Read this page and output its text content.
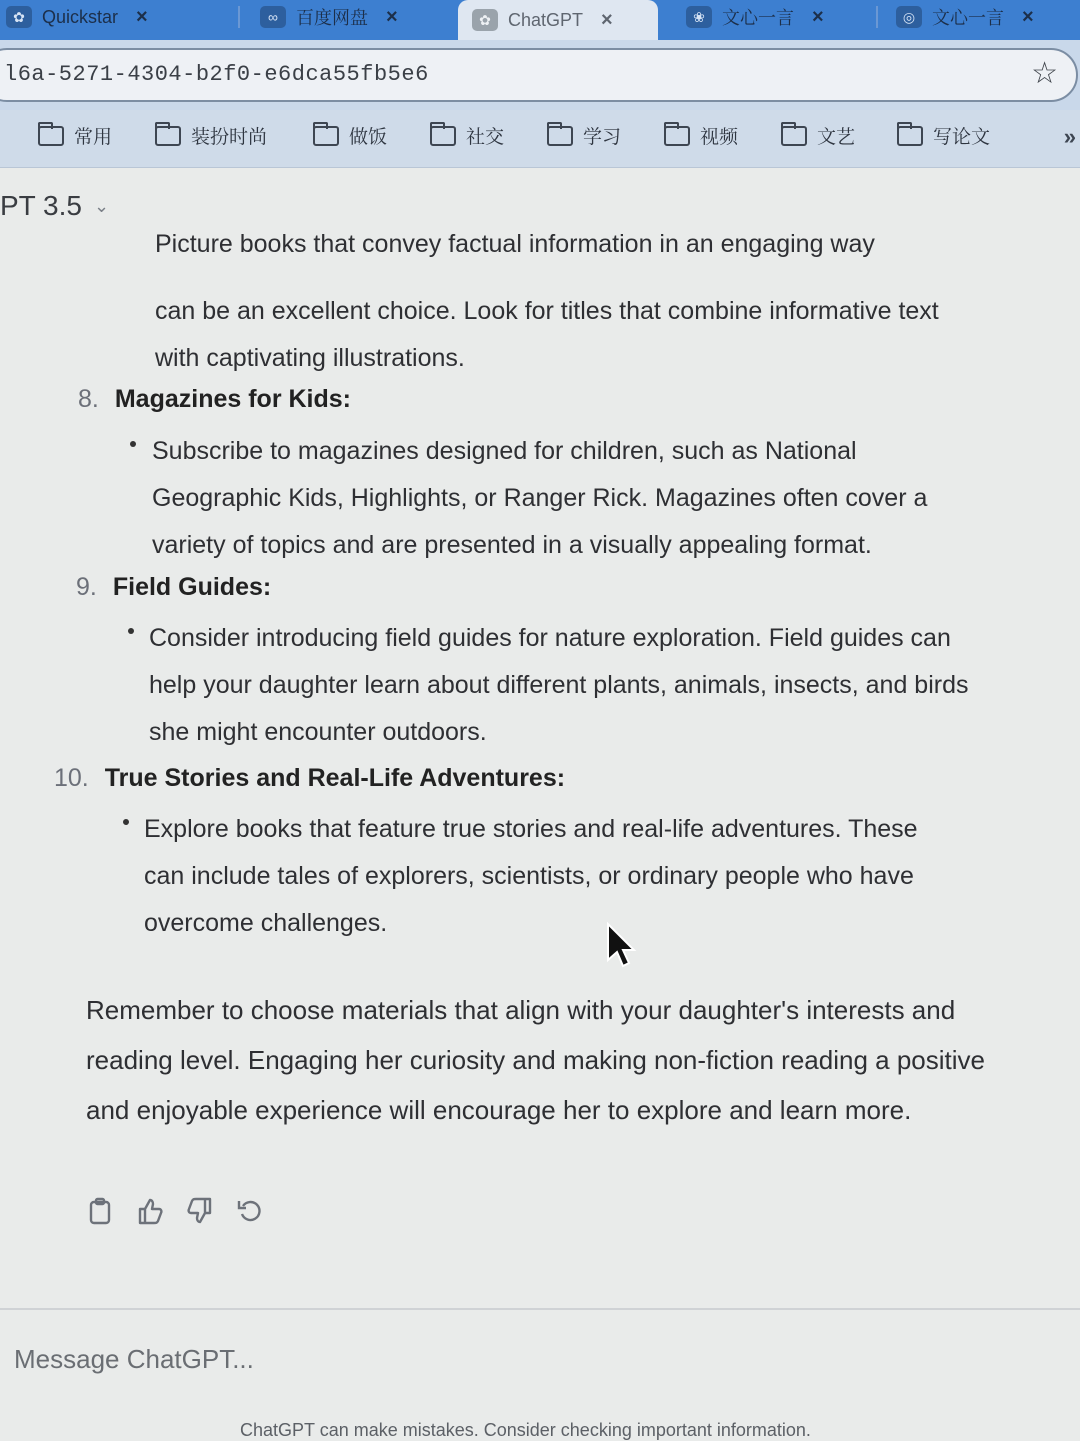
✿ Quickstar ×	∞	百度网盘 ×	✿ ChatGPT ×	❀ 文心一言 ×	◎ 文心一言 ×
l6a-5271-4304-b2f0-e6dca55fb5e6	☆
常用	装扮时尚	做饭	社交	学习	视频	文艺	写论文	»
PT 3.5 ⌄
Picture books that convey factual information in an engaging way
can be an excellent choice. Look for titles that combine informative text with captivating illustrations.
8. Magazines for Kids:
Subscribe to magazines designed for children, such as National Geographic Kids, Highlights, or Ranger Rick. Magazines often cover a variety of topics and are presented in a visually appealing format.
9. Field Guides:
Consider introducing field guides for nature exploration. Field guides can help your daughter learn about different plants, animals, insects, and birds she might encounter outdoors.
10. True Stories and Real-Life Adventures:
Explore books that feature true stories and real-life adventures. These can include tales of explorers, scientists, or ordinary people who have overcome challenges.
Remember to choose materials that align with your daughter's interests and reading level. Engaging her curiosity and making non-fiction reading a positive and enjoyable experience will encourage her to explore and learn more.
Message ChatGPT...
ChatGPT can make mistakes. Consider checking important information.
